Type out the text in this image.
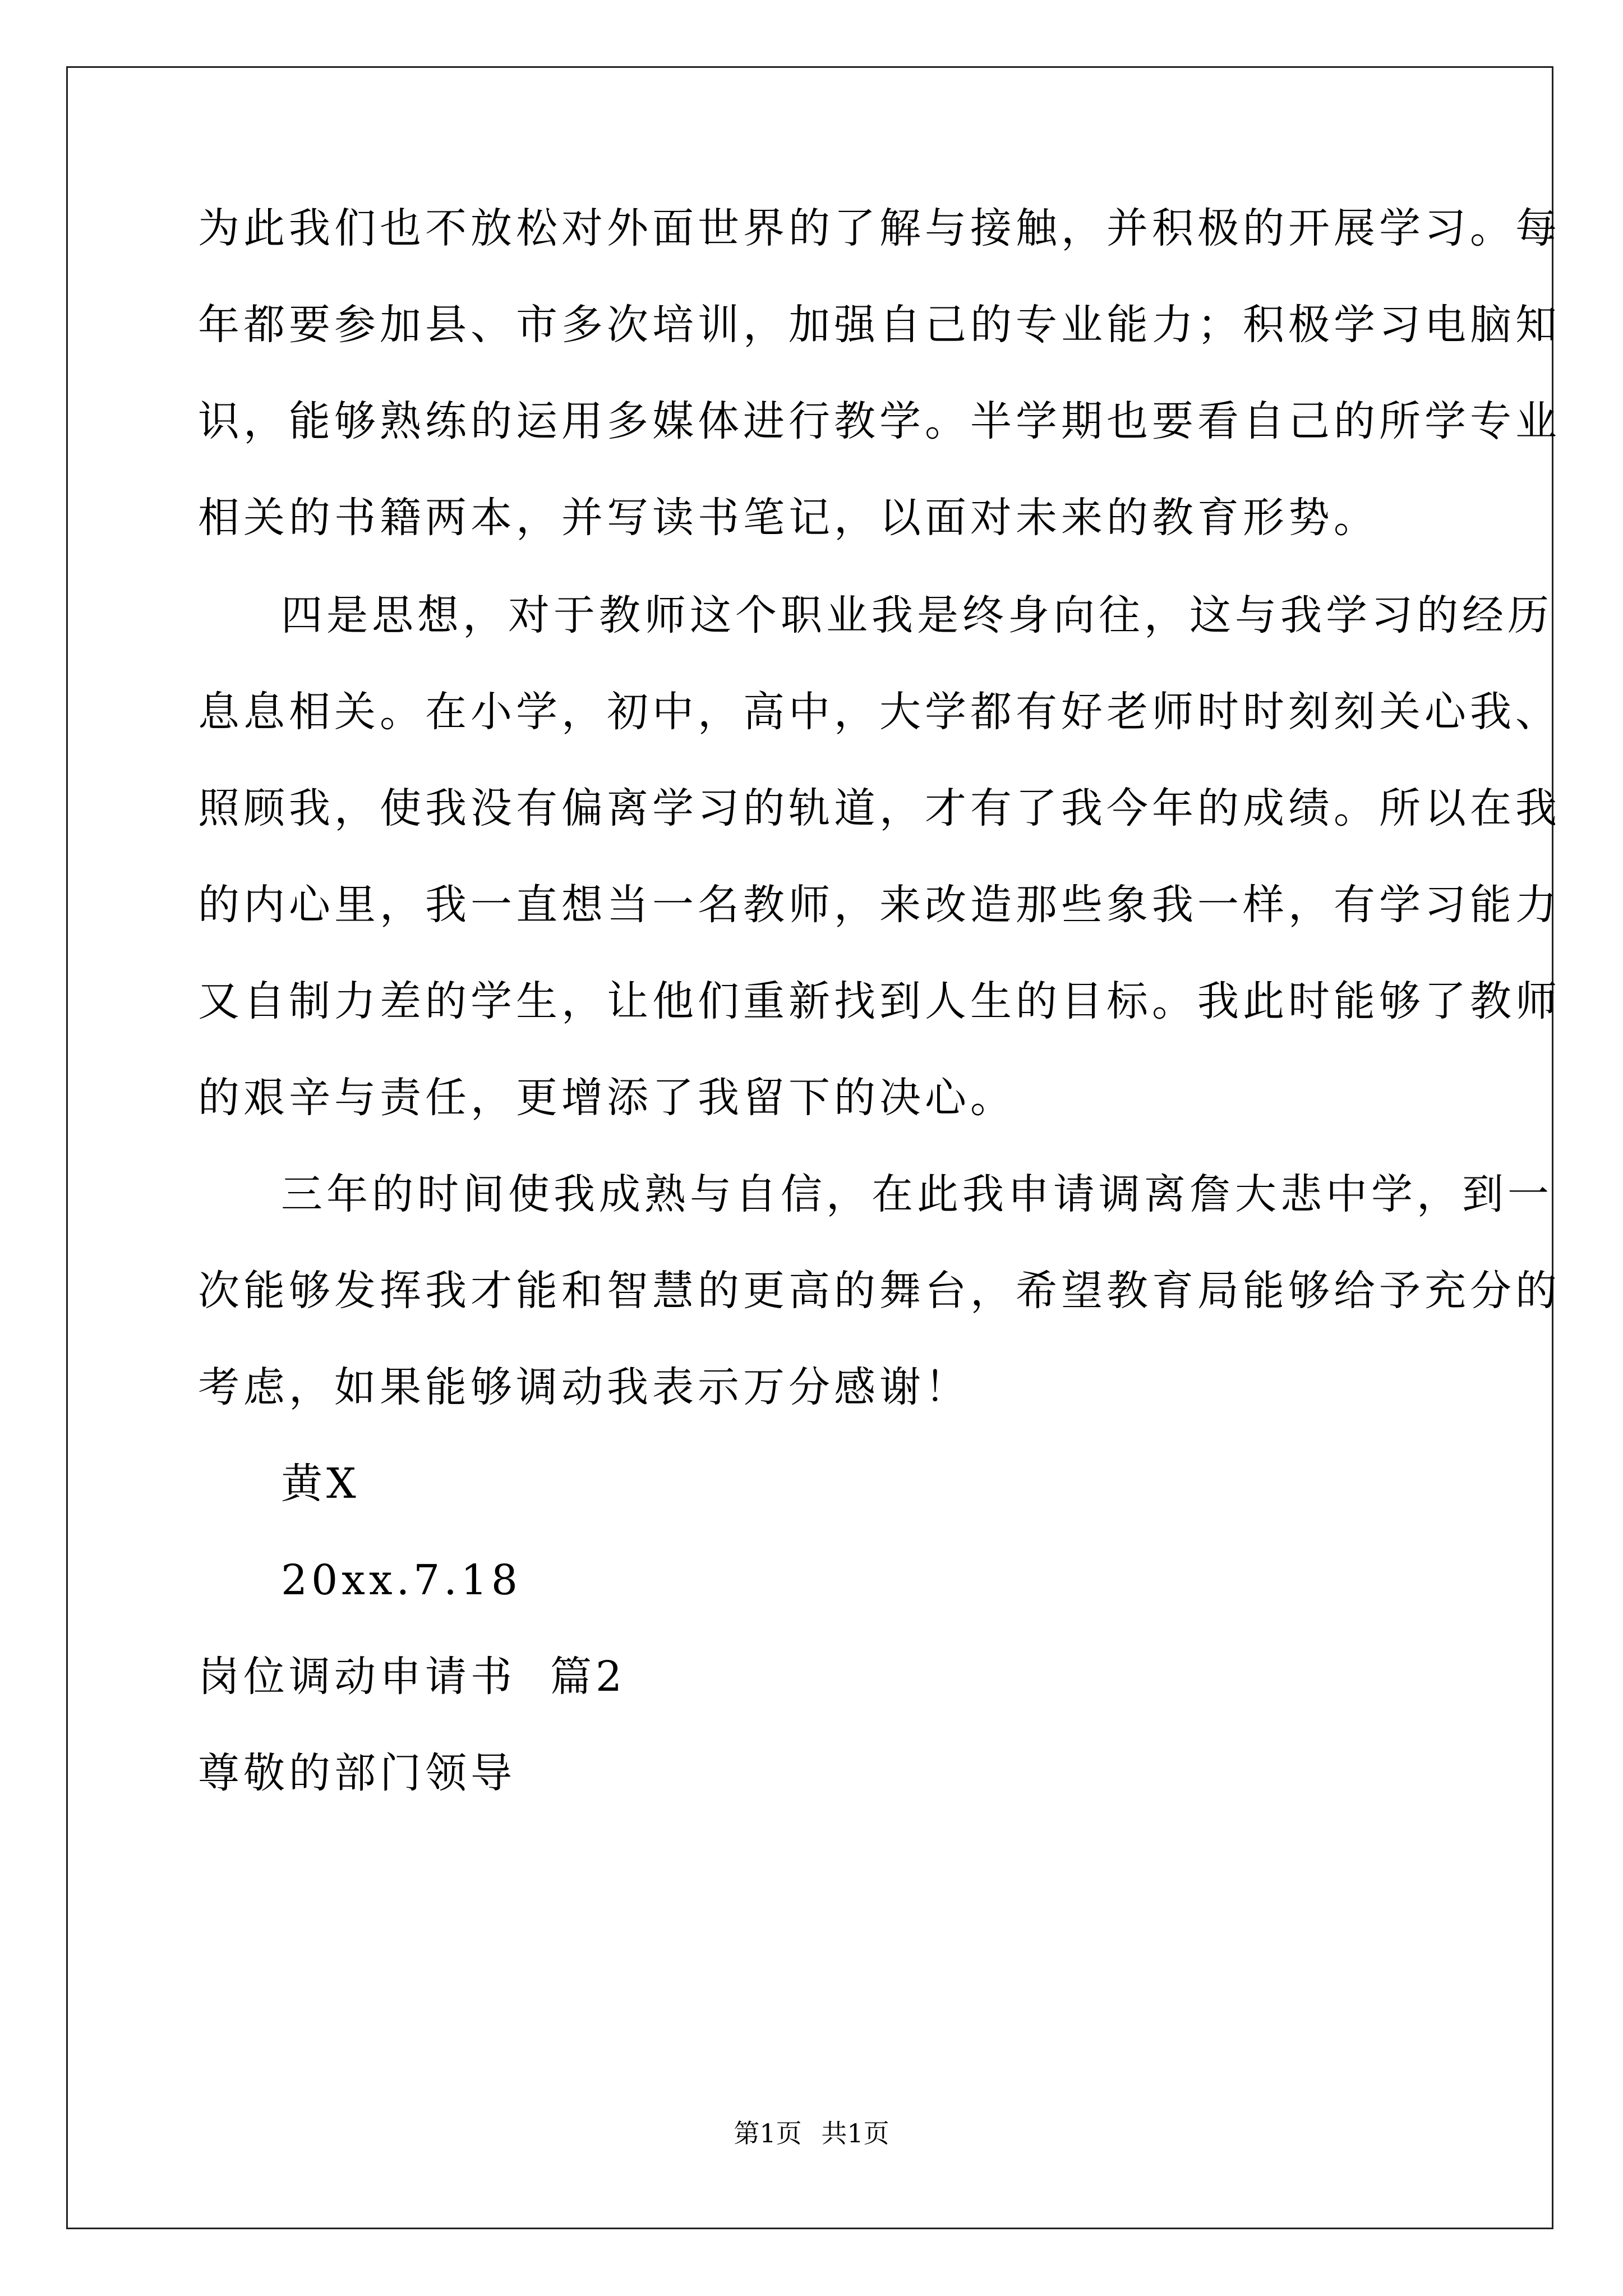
为此我们也不放松对外面世界的了解与接触，并积极的开展学习。每
年都要参加县、市多次培训，加强自己的专业能力；积极学习电脑知
识，能够熟练的运用多媒体进行教学。半学期也要看自己的所学专业
相关的书籍两本，并写读书笔记，以面对未来的教育形势。
四是思想，对于教师这个职业我是终身向往，这与我学习的经历
息息相关。在小学，初中，高中，大学都有好老师时时刻刻关心我、
照顾我，使我没有偏离学习的轨道，才有了我今年的成绩。所以在我
的内心里，我一直想当一名教师，来改造那些象我一样，有学习能力
又自制力差的学生，让他们重新找到人生的目标。我此时能够了教师
的艰辛与责任，更增添了我留下的决心。
三年的时间使我成熟与自信，在此我申请调离詹大悲中学，到一
次能够发挥我才能和智慧的更高的舞台，希望教育局能够给予充分的
考虑，如果能够调动我表示万分感谢！
黄X
20xx.7.18
岗位调动申请书  篇2
尊敬的部门领导
第1页 共1页
